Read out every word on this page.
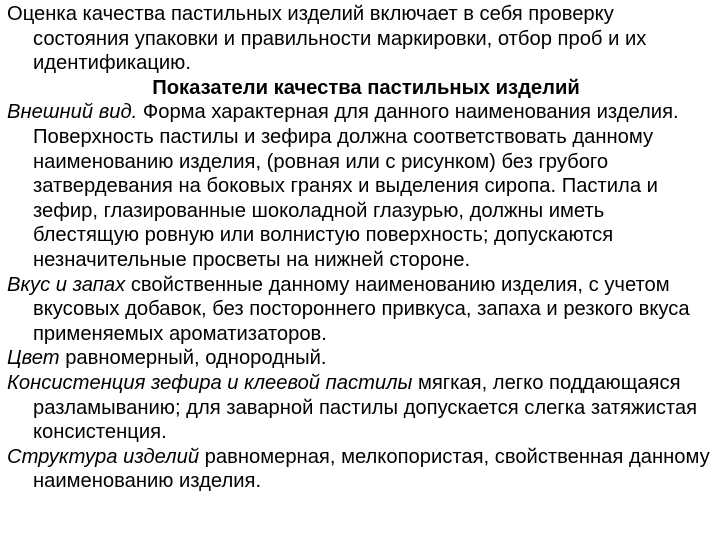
Оценка качества пастильных изделий включает в себя проверку состояния упаковки и правильности маркировки, отбор проб и их идентификацию.

Показатели качества пастильных изделий

Внешний вид. Форма характерная для данного наименования изделия. Поверхность пастилы и зефира должна соответствовать данному наименованию изделия, (ровная или с рисунком) без грубого затвердевания на боковых гранях и выделения сиропа. Пастила и зефир, глазированные шоколадной глазурью, должны иметь блестящую ровную или волнистую поверхность; допускаются незначительные просветы на нижней стороне.

Вкус и запах свойственные данному наименованию изделия, с учетом вкусовых добавок, без постороннего привкуса, запаха и резкого вкуса применяемых ароматизаторов.

Цвет равномерный, однородный.

Консистенция зефира и клеевой пастилы мягкая, легко поддающаяся разламыванию; для заварной пастилы допускается слегка затяжистая консистенция.

Структура изделий равномерная, мелкопористая, свойственная данному наименованию изделия.
